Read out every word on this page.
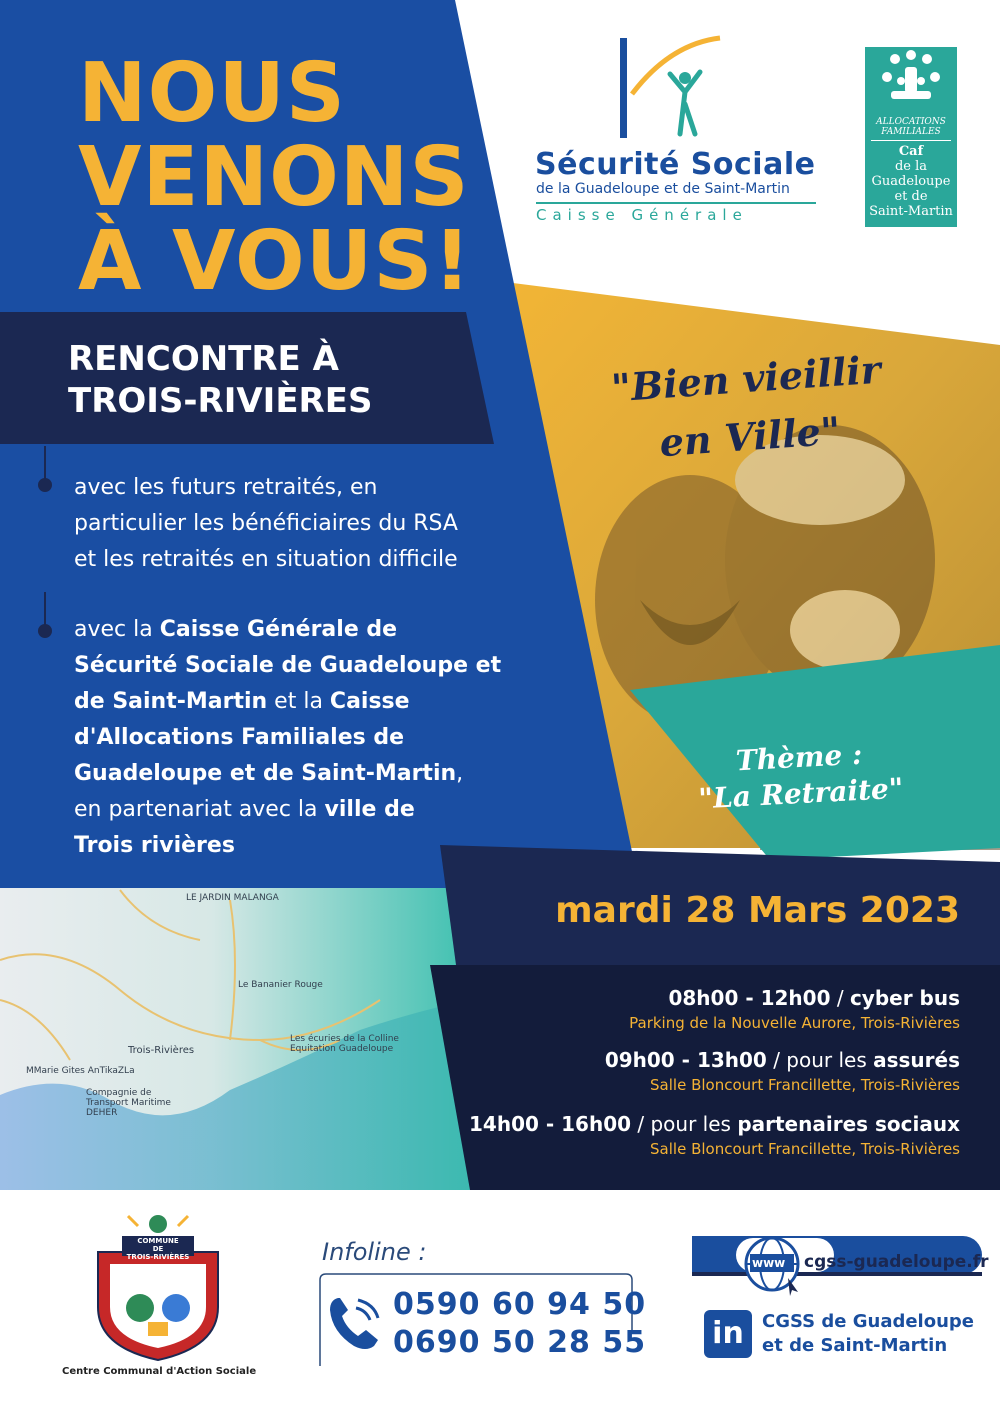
LE JARDIN MALANGA
Le Bananier Rouge
Trois-Rivières
MMarie Gites AnTikaZLa
Compagnie de Transport Maritime DEHER
Les écuries de la Colline Equitation Guadeloupe
NOUS
VENONS
À VOUS!
RENCONTRE À
TROIS-RIVIÈRES
avec les futurs retraités, en
particulier les bénéficiaires du RSA
et les retraités en situation difficile
avec la Caisse Générale de
Sécurité Sociale de Guadeloupe et
de Saint-Martin et la Caisse
d'Allocations Familiales de
Guadeloupe et de Saint-Martin,
en partenariat avec la ville de
Trois rivières
Sécurité Sociale
de la Guadeloupe et de Saint-Martin
Caisse Générale
ALLOCATIONS
FAMILIALES
Caf
de la
Guadeloupe
et de
Saint-Martin
"Bien vieillir
en Ville"
Thème :
"La Retraite"
mardi 28 Mars 2023
08h00 - 12h00 / cyber bus
Parking de la Nouvelle Aurore, Trois-Rivières
09h00 - 13h00 / pour les assurés
Salle Bloncourt Francillette, Trois-Rivières
14h00 - 16h00 / pour les partenaires sociaux
Salle Bloncourt Francillette, Trois-Rivières
COMMUNE
DE
TROIS-RIVIÈRES
Centre Communal d'Action Sociale
Infoline :
0590 60 94 50
0690 50 28 55
www cgss-guadeloupe.fr
in	CGSS de Guadeloupe
et de Saint-Martin
